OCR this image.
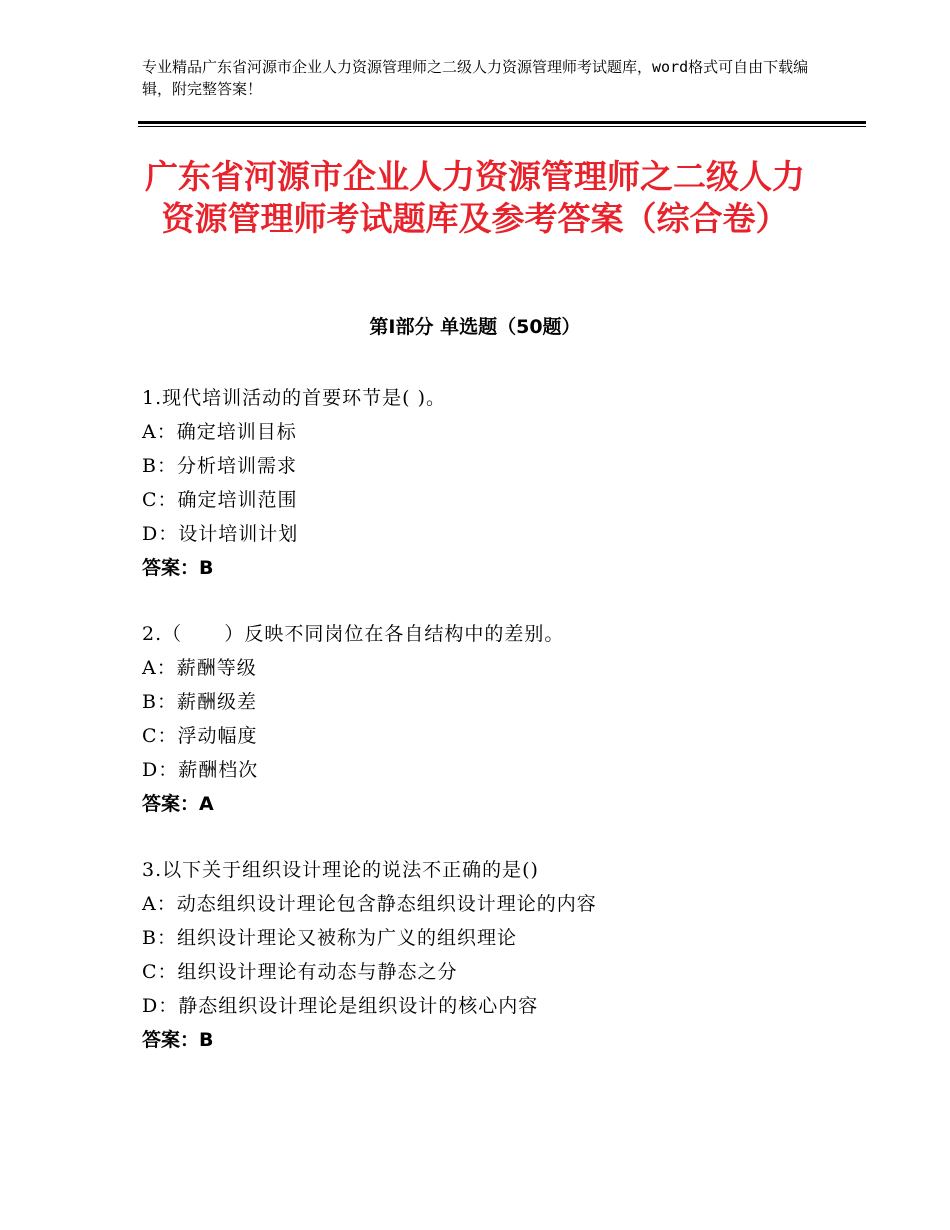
专业精品广东省河源市企业人力资源管理师之二级人力资源管理师考试题库，word格式可自由下载编辑，附完整答案！
广东省河源市企业人力资源管理师之二级人力资源管理师考试题库及参考答案（综合卷）
第Ⅰ部分 单选题（50题）
1.现代培训活动的首要环节是( )。
A：确定培训目标
B：分析培训需求
C：确定培训范围
D：设计培训计划
答案：B
2.（      ）反映不同岗位在各自结构中的差别。
A：薪酬等级
B：薪酬级差
C：浮动幅度
D：薪酬档次
答案：A
3.以下关于组织设计理论的说法不正确的是()
A：动态组织设计理论包含静态组织设计理论的内容
B：组织设计理论又被称为广义的组织理论
C：组织设计理论有动态与静态之分
D：静态组织设计理论是组织设计的核心内容
答案：B
